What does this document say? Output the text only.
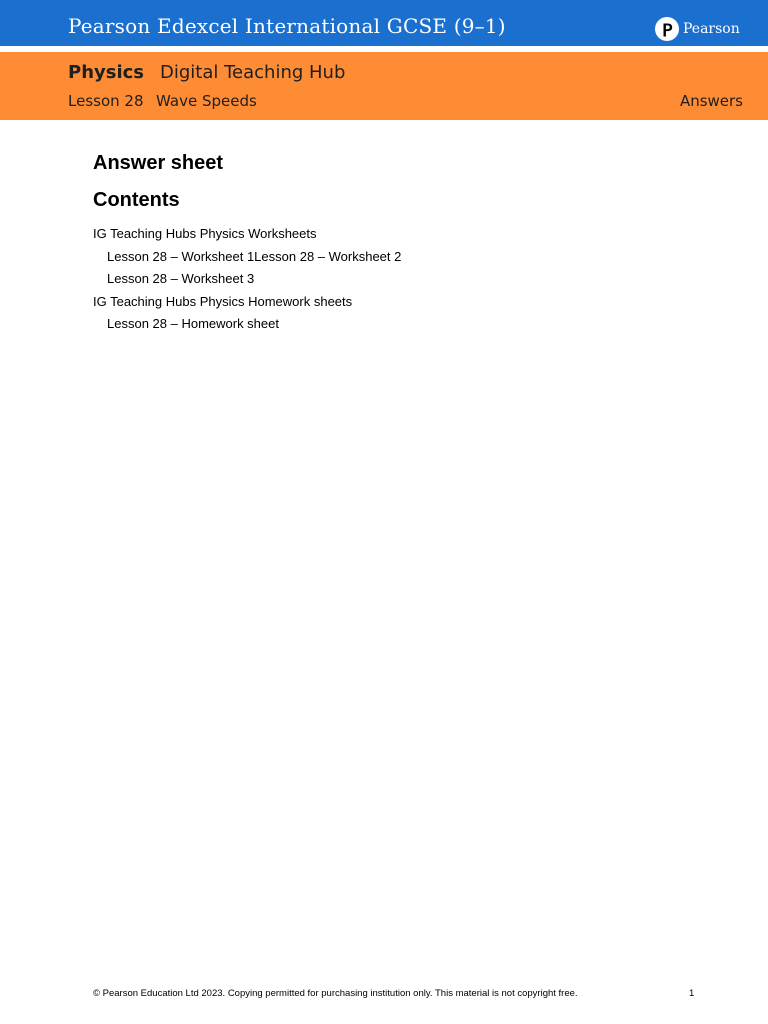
Pearson Edexcel International GCSE (9–1)	Pearson
Physics Digital Teaching Hub
Lesson 28 Wave Speeds	Answers
Answer sheet
Contents
IG Teaching Hubs Physics Worksheets
Lesson 28 – Worksheet 1Lesson 28 – Worksheet 2
Lesson 28 – Worksheet 3
IG Teaching Hubs Physics Homework sheets
Lesson 28 – Homework sheet
© Pearson Education Ltd 2023. Copying permitted for purchasing institution only. This material is not copyright free.	1
